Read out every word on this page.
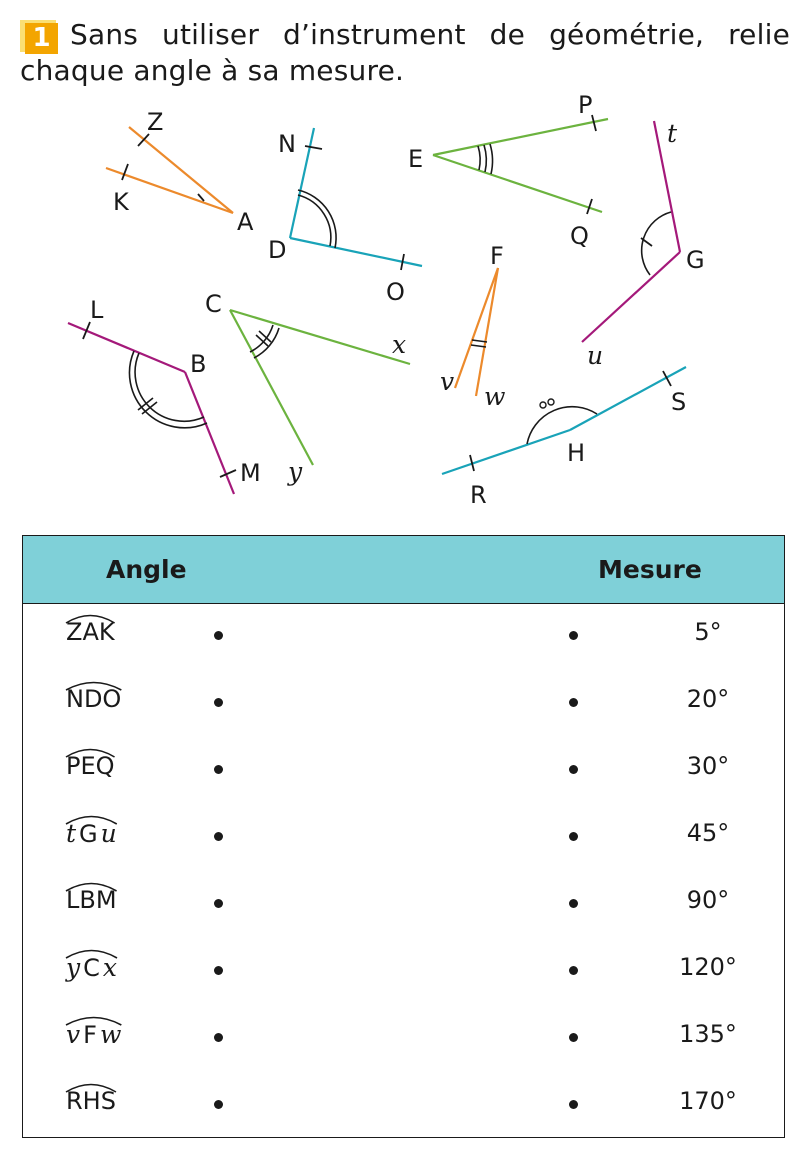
1 Sans utiliser d’instrument de géométrie, relie
chaque angle à sa mesure.
Z
K
A
N
D
O
E
P
Q
t
G
u
L
B
M
C
x
y
F
v
w
H
S
R
Angle	Mesure
ZAK	5°
NDO	20°
PEQ	30°
t G u	45°
LBM	90°
y C x	120°
v F w	135°
RHS	170°
